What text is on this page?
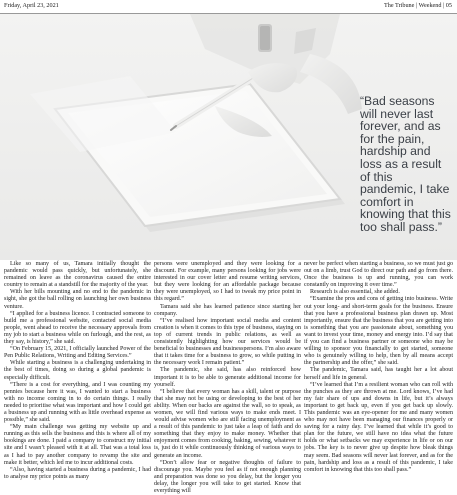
Friday, April 23, 2021	The Tribune | Weekend | 05
“Bad seasons will never last forever, and as for the pain, hardship and loss as a result of this pandemic, I take comfort in knowing that this too shall pass.”

Like so many of us, Tamara initially thought the pandemic would pass quickly, but unfortunately, she remained on leave as the coronavirus caused the entire country to remain at a standstill for the majority of the year.

With her bills mounting and no end to the pandemic in sight, she got the ball rolling on launching her own business venture.

“I applied for a business licence. I contracted someone to build me a professional website, contacted social media people, went ahead to receive the necessary approvals from my job to start a business while on furlough, and the rest, as they say, is history,” she said.

“On February 15, 2021, I officially launched Power of the Pen Public Relations, Writing and Editing Services.”

While starting a business is a challenging undertaking in the best of times, doing so during a global pandemic is especially difficult.

“There is a cost for everything, and I was counting my pennies because here it was, I wanted to start a business with no income coming in to do certain things. I really needed to prioritise what was important and how I could get a business up and running with as little overhead expense as possible,” she said.

“My main challenge was getting my website up and running as this sells the business and this is where all of my bookings are done. I paid a company to construct my initial site and I wasn’t pleased with it at all. That was a total loss as I had to pay another company to revamp the site and make it better, which led me to incur additional costs.

“Also, having started a business during a pandemic, I had to analyse my price points as many

persons were unemployed and they were looking for a discount. For example, many persons looking for jobs were interested in our cover letter and resume writing services, but they were looking for an affordable package because they were unemployed, so I had to tweak my price point in this regard.”

Tamara said she has learned patience since starting her company.

“I’ve realised how important social media and content creation is when it comes to this type of business, staying on top of current trends in public relations, as well as consistently highlighting how our services would be beneficial to businesses and businesspersons. I’m also aware that it takes time for a business to grow, so while putting in the necessary work I remain patient.”

The pandemic, she said, has also reinforced how important it is to be able to generate additional income for yourself.

“I believe that every woman has a skill, talent or purpose that she may not be using or developing to the best of her ability. When our backs are against the wall, so to speak, as women, we will find various ways to make ends meet. I would advise women who are still facing unemployment as a result of this pandemic to just take a leap of faith and do something that they enjoy to make money. Whether that enjoyment comes from cooking, baking, sewing, whatever it is, just do it while continuously thinking of various ways to generate an income.

“Don’t allow fear or negative thoughts of failure to discourage you. Maybe you feel as if not enough planning and preparation was done so you delay, but the longer you delay, the longer you will take to get started. Know that everything will

never be perfect when starting a business, so we must just go out on a limb, trust God to direct our path and go from there. Once the business is up and running, you can work constantly on improving it over time.”

Research is also essential, she added.

“Examine the pros and cons of getting into business. Write out your long- and short-term goals for the business. Ensure that you have a professional business plan drawn up. Most importantly, ensure that the business that you are getting into is something that you are passionate about, something you want to invest your time, money and energy into. I’d say that if you can find a business partner or someone who may be willing to sponsor you financially to get started, someone who is genuinely willing to help, then by all means accept the partnership and the offer,” she said.

The pandemic, Tamara said, has taught her a lot about herself and life in general.

“I’ve learned that I’m a resilient woman who can roll with the punches as they are thrown at me. Lord knows, I’ve had my fair share of ups and downs in life, but it’s always important to get back up, even if you get back up slowly. This pandemic was an eye-opener for me and many women who may not have been managing our finances properly or saving for a rainy day. I’ve learned that while it’s good to plan for the future, we still have no idea what the future holds or what setbacks we may experience in life or on our jobs. The key is to never give up despite how bleak things may seem. Bad seasons will never last forever, and as for the pain, hardship and loss as a result of this pandemic, I take comfort in knowing that this too shall pass.”
